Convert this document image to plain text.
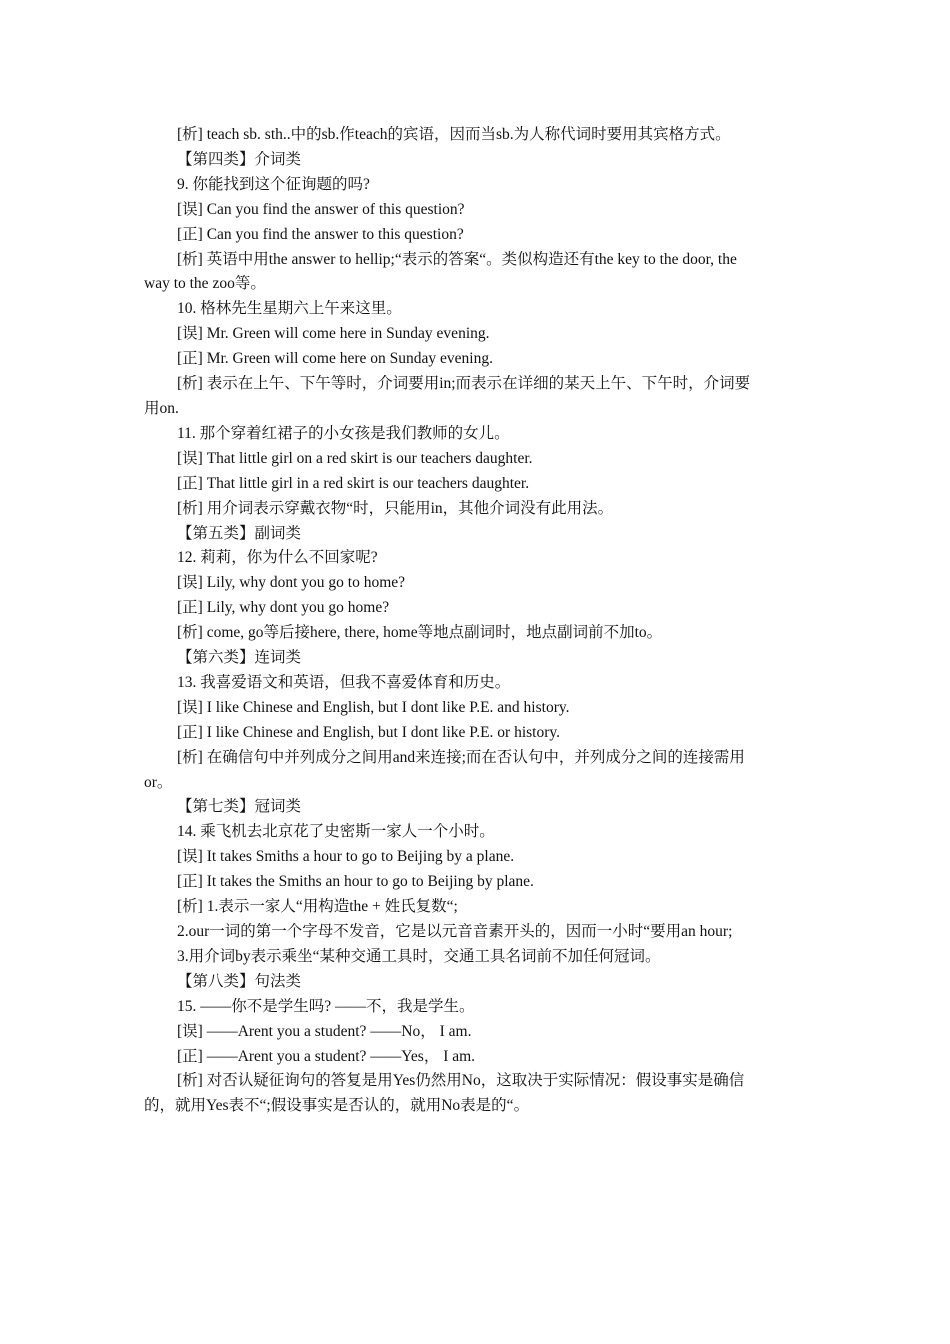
[析] teach sb. sth..中的sb.作teach的宾语，因而当sb.为人称代词时要用其宾格方式。

【第四类】介词类

9. 你能找到这个征询题的吗?

[误] Can you find the answer of this question?

[正] Can you find the answer to this question?

[析] 英语中用the answer to hellip;“表示的答案“。类似构造还有the key to the door, the

way to the zoo等。

10. 格林先生星期六上午来这里。

[误] Mr. Green will come here in Sunday evening.

[正] Mr. Green will come here on Sunday evening.

[析] 表示在上午、下午等时，介词要用in;而表示在详细的某天上午、下午时，介词要

用on.

11. 那个穿着红裙子的小女孩是我们教师的女儿。

[误] That little girl on a red skirt is our teachers daughter.

[正] That little girl in a red skirt is our teachers daughter.

[析] 用介词表示穿戴衣物“时，只能用in，其他介词没有此用法。

【第五类】副词类

12. 莉莉，你为什么不回家呢?

[误] Lily, why dont you go to home?

[正] Lily, why dont you go home?

[析] come, go等后接here, there, home等地点副词时，地点副词前不加to。

【第六类】连词类

13. 我喜爱语文和英语，但我不喜爱体育和历史。

[误] I like Chinese and English, but I dont like P.E. and history.

[正] I like Chinese and English, but I dont like P.E. or history.

[析] 在确信句中并列成分之间用and来连接;而在否认句中，并列成分之间的连接需用

or。

【第七类】冠词类

14. 乘飞机去北京花了史密斯一家人一个小时。

[误] It takes Smiths a hour to go to Beijing by a plane.

[正] It takes the Smiths an hour to go to Beijing by plane.

[析] 1.表示一家人“用构造the + 姓氏复数“;

2.our一词的第一个字母不发音，它是以元音音素开头的，因而一小时“要用an hour;

3.用介词by表示乘坐“某种交通工具时，交通工具名词前不加任何冠词。

【第八类】句法类

15. ——你不是学生吗? ——不，我是学生。

[误] ——Arent you a student? ——No， I am.

[正] ——Arent you a student? ——Yes， I am.

[析] 对否认疑征询句的答复是用Yes仍然用No，这取决于实际情况：假设事实是确信

的，就用Yes表不“;假设事实是否认的，就用No表是的“。
